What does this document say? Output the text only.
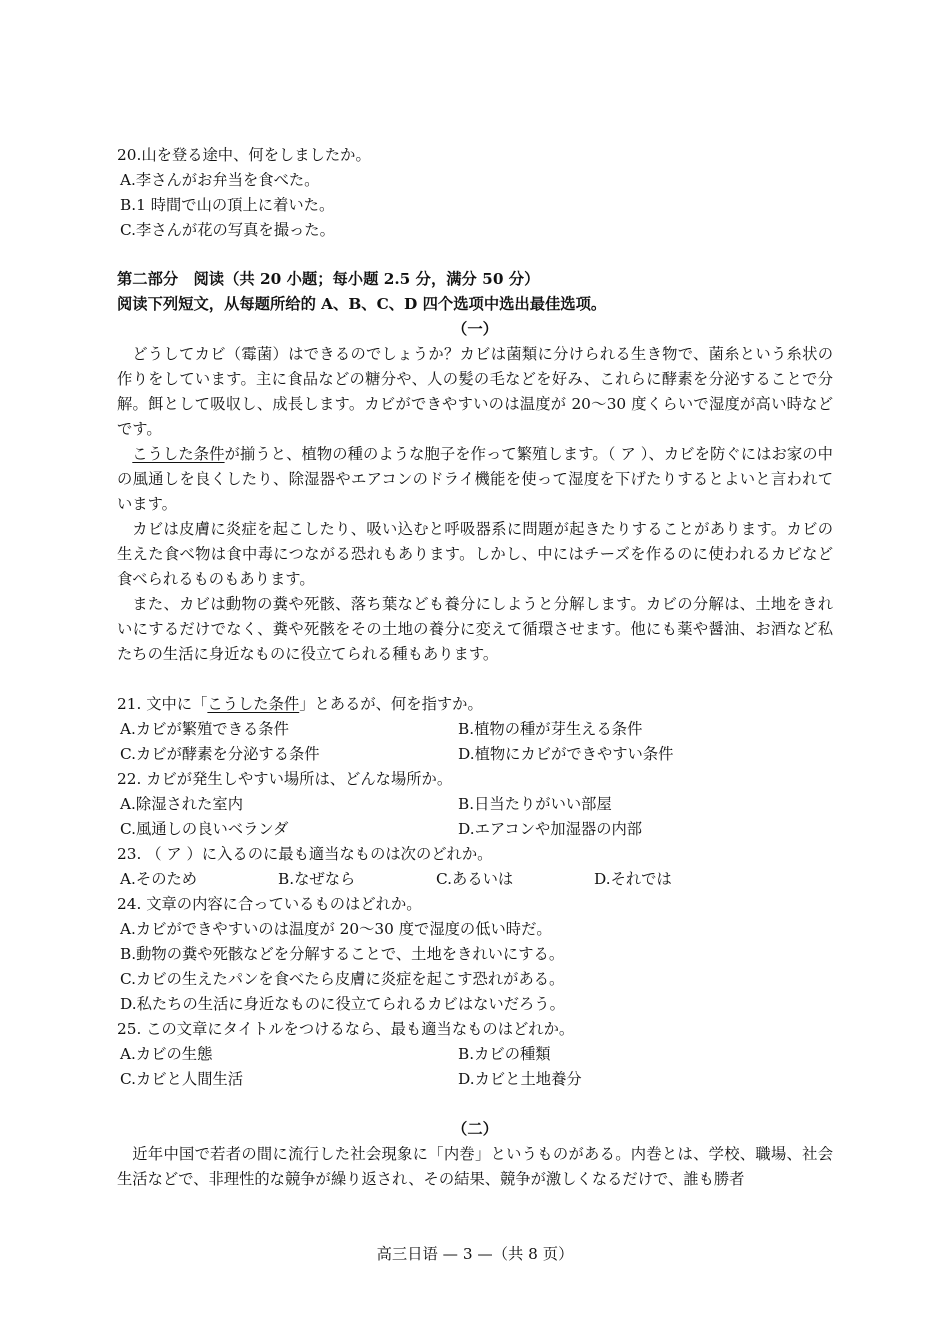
20.山を登る途中、何をしましたか。
A.李さんがお弁当を食べた。
B.1 時間で山の頂上に着いた。
C.李さんが花の写真を撮った。
第二部分　阅读（共 20 小题；每小题 2.5 分，满分 50 分）
阅读下列短文，从每题所给的 A、B、C、D 四个选项中选出最佳选项。
（一）
どうしてカビ（霉菌）はできるのでしょうか？カビは菌類に分けられる生き物で、菌糸という糸状の作りをしています。主に食品などの糖分や、人の髪の毛などを好み、これらに酵素を分泌することで分解。餌として吸収し、成長します。カビができやすいのは温度が 20～30 度くらいで湿度が高い時などです。
こうした条件が揃うと、植物の種のような胞子を作って繁殖します。（ ア ）、カビを防ぐにはお家の中の風通しを良くしたり、除湿器やエアコンのドライ機能を使って湿度を下げたりするとよいと言われています。
カビは皮膚に炎症を起こしたり、吸い込むと呼吸器系に問題が起きたりすることがあります。カビの生えた食べ物は食中毒につながる恐れもあります。しかし、中にはチーズを作るのに使われるカビなど食べられるものもあります。
また、カビは動物の糞や死骸、落ち葉なども養分にしようと分解します。カビの分解は、土地をきれいにするだけでなく、糞や死骸をその土地の養分に変えて循環させます。他にも薬や醤油、お酒など私たちの生活に身近なものに役立てられる種もあります。
21. 文中に「こうした条件」とあるが、何を指すか。
A.カビが繁殖できる条件	B.植物の種が芽生える条件
C.カビが酵素を分泌する条件	D.植物にカビができやすい条件
22. カビが発生しやすい場所は、どんな場所か。
A.除湿された室内	B.日当たりがいい部屋
C.風通しの良いベランダ	D.エアコンや加湿器の内部
23. （ ア ）に入るのに最も適当なものは次のどれか。
A.そのため	B.なぜなら	C.あるいは	D.それでは
24. 文章の内容に合っているものはどれか。
A.カビができやすいのは温度が 20～30 度で湿度の低い時だ。
B.動物の糞や死骸などを分解することで、土地をきれいにする。
C.カビの生えたパンを食べたら皮膚に炎症を起こす恐れがある。
D.私たちの生活に身近なものに役立てられるカビはないだろう。
25. この文章にタイトルをつけるなら、最も適当なものはどれか。
A.カビの生態	B.カビの種類
C.カビと人間生活	D.カビと土地養分
（二）
近年中国で若者の間に流行した社会現象に「内巻」というものがある。内巻とは、学校、職場、社会生活などで、非理性的な競争が繰り返され、その結果、競争が激しくなるだけで、誰も勝者
高三日语 — 3 —（共 8 页）
